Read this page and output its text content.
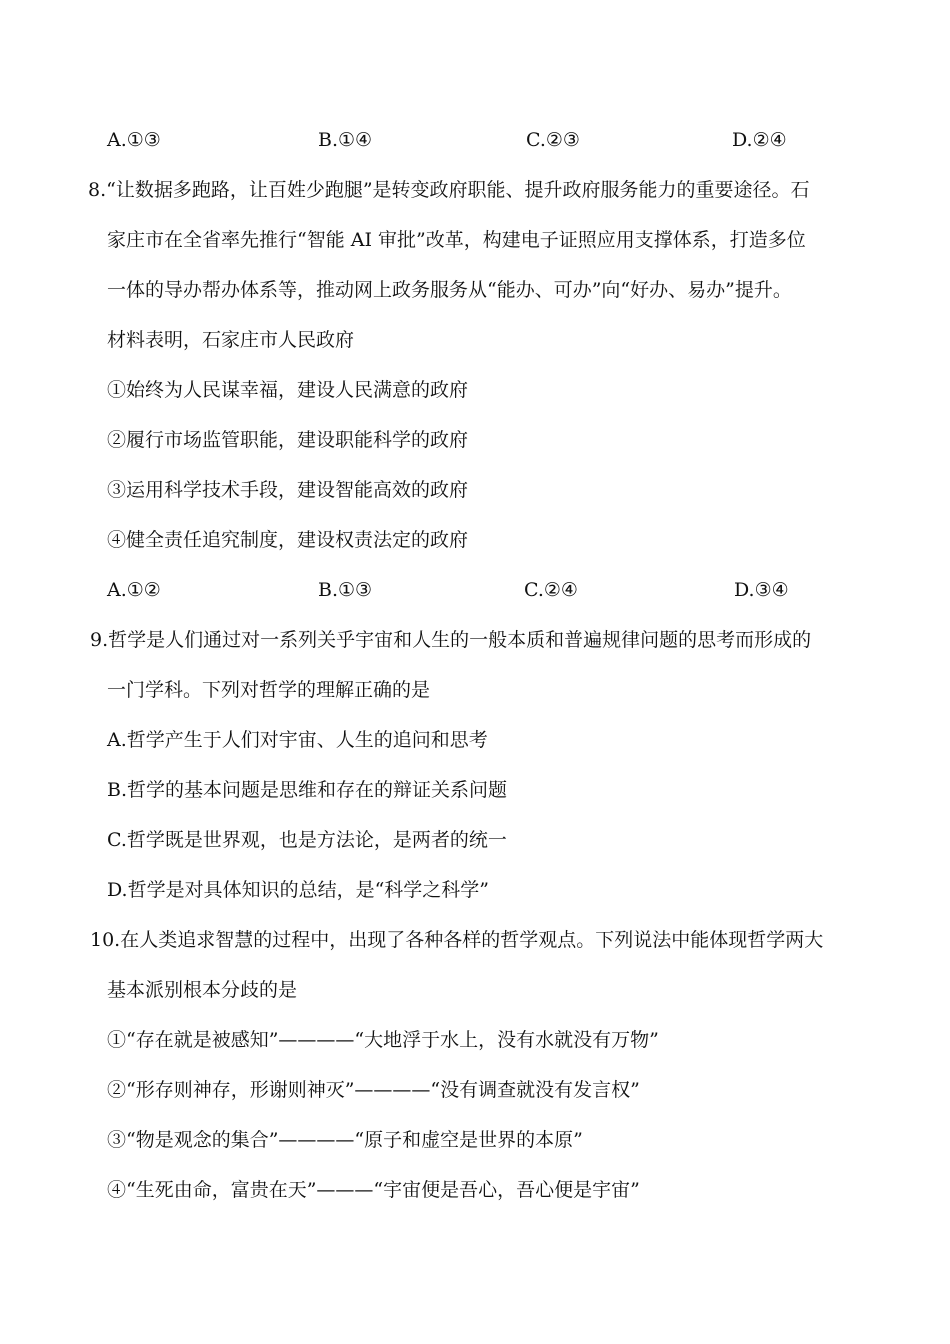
A.①③	B.①④	C.②③	D.②④
8.“让数据多跑路，让百姓少跑腿”是转变政府职能、提升政府服务能力的重要途径。石
家庄市在全省率先推行“智能 AI 审批”改革，构建电子证照应用支撑体系，打造多位
一体的导办帮办体系等，推动网上政务服务从“能办、可办”向“好办、易办”提升。
材料表明，石家庄市人民政府
①始终为人民谋幸福，建设人民满意的政府
②履行市场监管职能，建设职能科学的政府
③运用科学技术手段，建设智能高效的政府
④健全责任追究制度，建设权责法定的政府
A.①②	B.①③	C.②④	D.③④
9.哲学是人们通过对一系列关乎宇宙和人生的一般本质和普遍规律问题的思考而形成的
一门学科。下列对哲学的理解正确的是
A.哲学产生于人们对宇宙、人生的追问和思考
B.哲学的基本问题是思维和存在的辩证关系问题
C.哲学既是世界观，也是方法论，是两者的统一
D.哲学是对具体知识的总结，是“科学之科学”
10.在人类追求智慧的过程中，出现了各种各样的哲学观点。下列说法中能体现哲学两大
基本派别根本分歧的是
①“存在就是被感知”————“大地浮于水上，没有水就没有万物”
②“形存则神存，形谢则神灭”————“没有调查就没有发言权”
③“物是观念的集合”————“原子和虚空是世界的本原”
④“生死由命，富贵在天”———“宇宙便是吾心，吾心便是宇宙”
